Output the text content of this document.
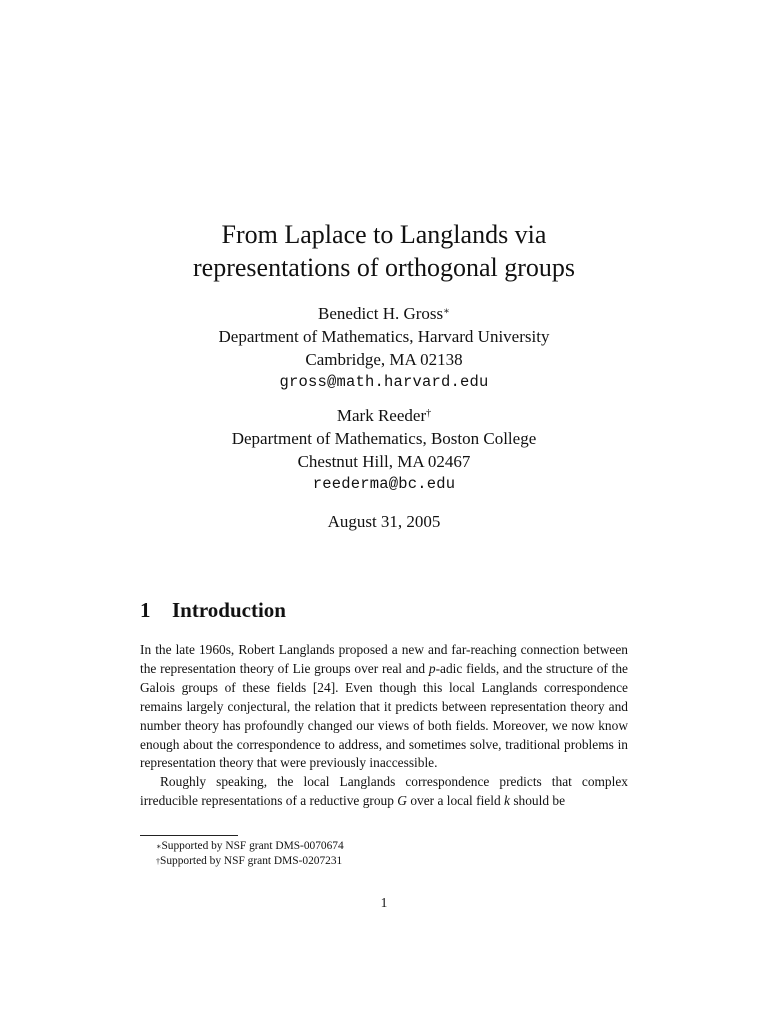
From Laplace to Langlands via
representations of orthogonal groups
Benedict H. Gross∗
Department of Mathematics, Harvard University
Cambridge, MA 02138
gross@math.harvard.edu
Mark Reeder†
Department of Mathematics, Boston College
Chestnut Hill, MA 02467
reederma@bc.edu
August 31, 2005
1 Introduction

In the late 1960s, Robert Langlands proposed a new and far-reaching connection between the representation theory of Lie groups over real and p-adic fields, and the structure of the Galois groups of these fields [24]. Even though this local Langlands correspondence remains largely conjectural, the relation that it predicts between representation theory and number theory has profoundly changed our views of both fields. Moreover, we now know enough about the correspondence to address, and sometimes solve, traditional problems in representation theory that were previously inaccessible.

Roughly speaking, the local Langlands correspondence predicts that complex irreducible representations of a reductive group G over a local field k should be

∗Supported by NSF grant DMS-0070674
†Supported by NSF grant DMS-0207231
1
